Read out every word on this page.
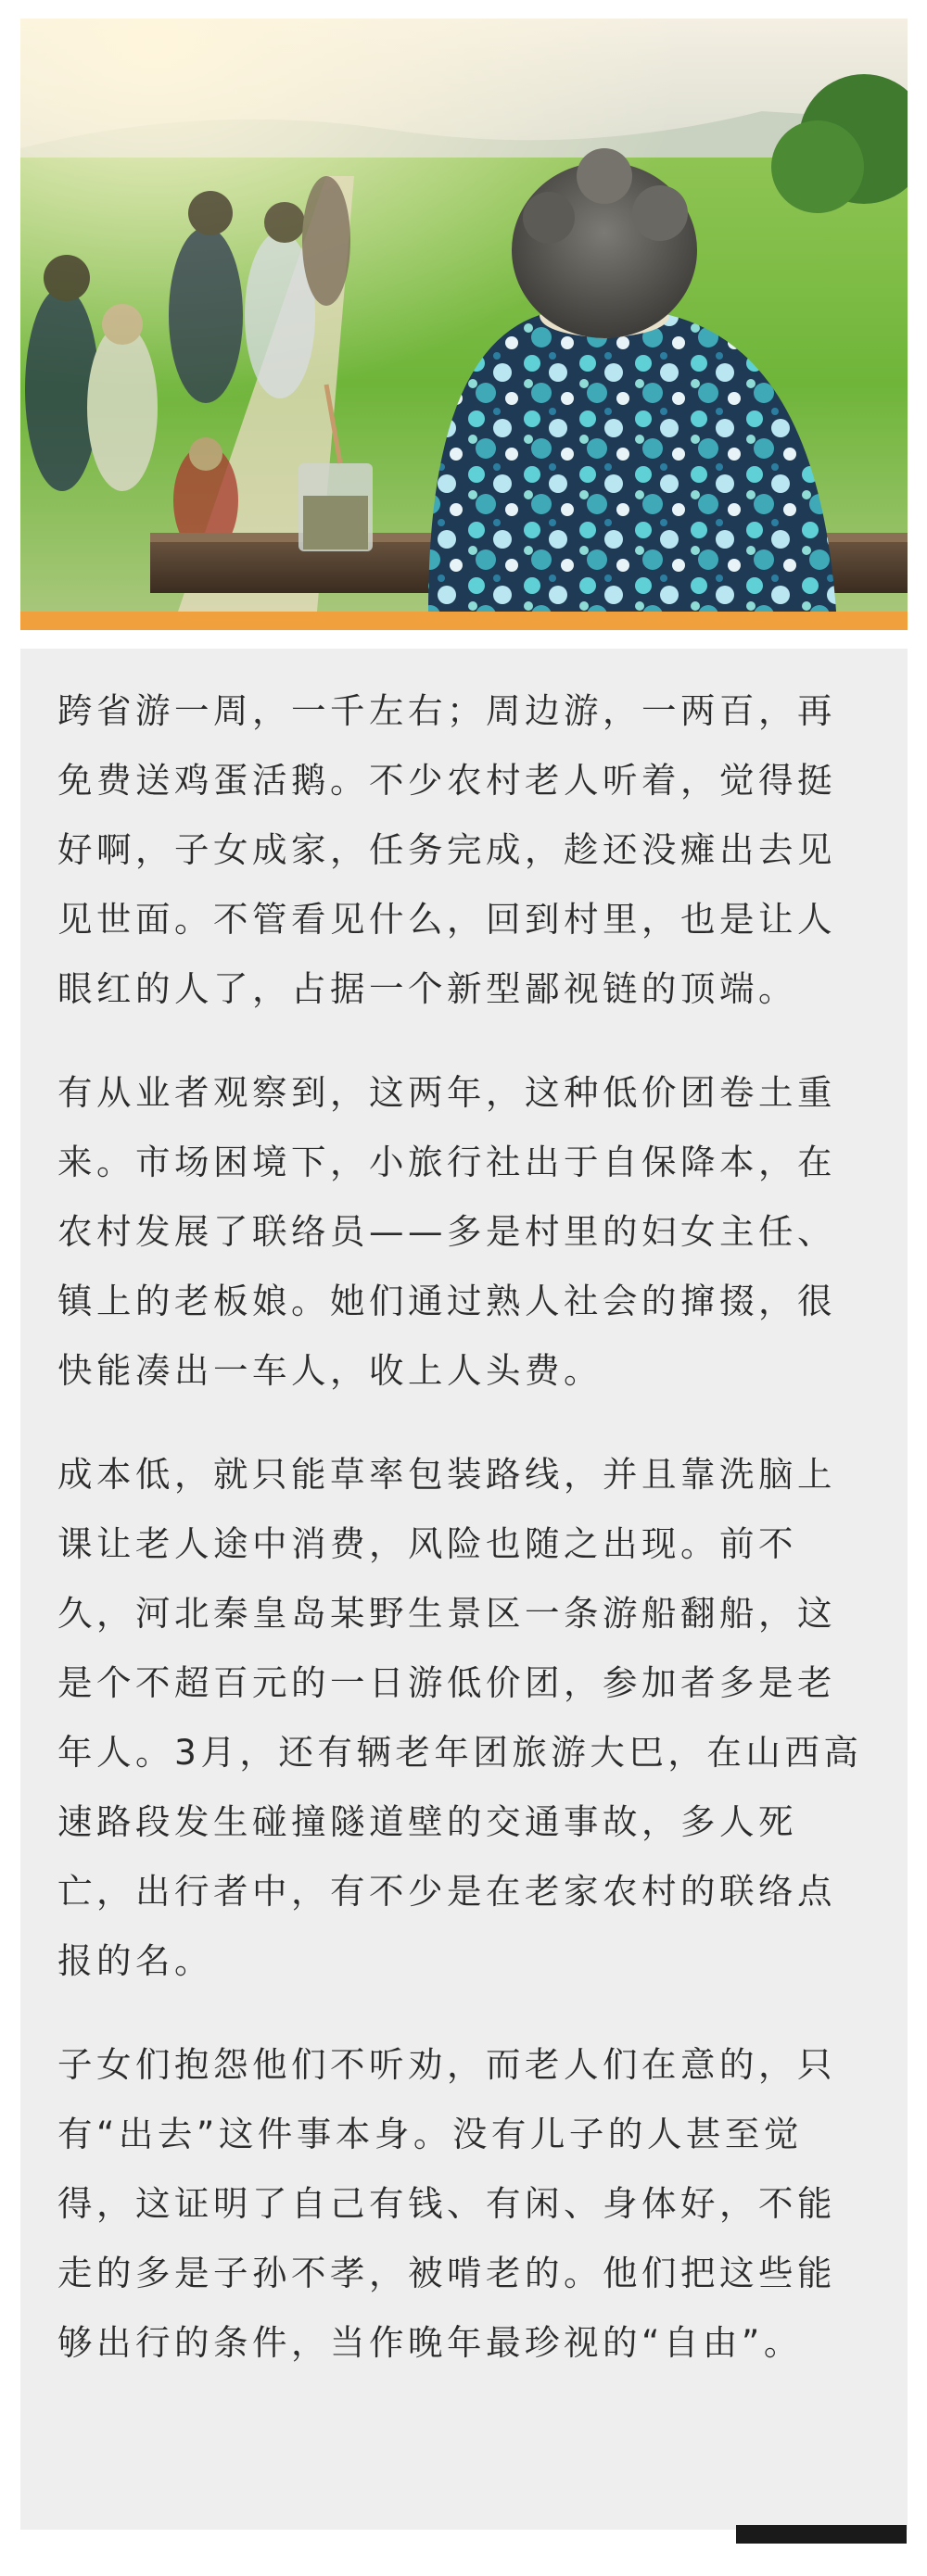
跨省游一周，一千左右；周边游，一两百，再免费送鸡蛋活鹅。不少农村老人听着，觉得挺好啊，子女成家，任务完成，趁还没瘫出去见见世面。不管看见什么，回到村里，也是让人眼红的人了，占据一个新型鄙视链的顶端。

有从业者观察到，这两年，这种低价团卷土重来。市场困境下，小旅行社出于自保降本，在农村发展了联络员——多是村里的妇女主任、镇上的老板娘。她们通过熟人社会的撺掇，很快能凑出一车人，收上人头费。

成本低，就只能草率包装路线，并且靠洗脑上课让老人途中消费，风险也随之出现。前不久，河北秦皇岛某野生景区一条游船翻船，这是个不超百元的一日游低价团，参加者多是老年人。3月，还有辆老年团旅游大巴，在山西高速路段发生碰撞隧道壁的交通事故，多人死亡，出行者中，有不少是在老家农村的联络点报的名。

子女们抱怨他们不听劝，而老人们在意的，只有“出去”这件事本身。没有儿子的人甚至觉得，这证明了自己有钱、有闲、身体好，不能走的多是子孙不孝，被啃老的。他们把这些能够出行的条件，当作晚年最珍视的“自由”。
